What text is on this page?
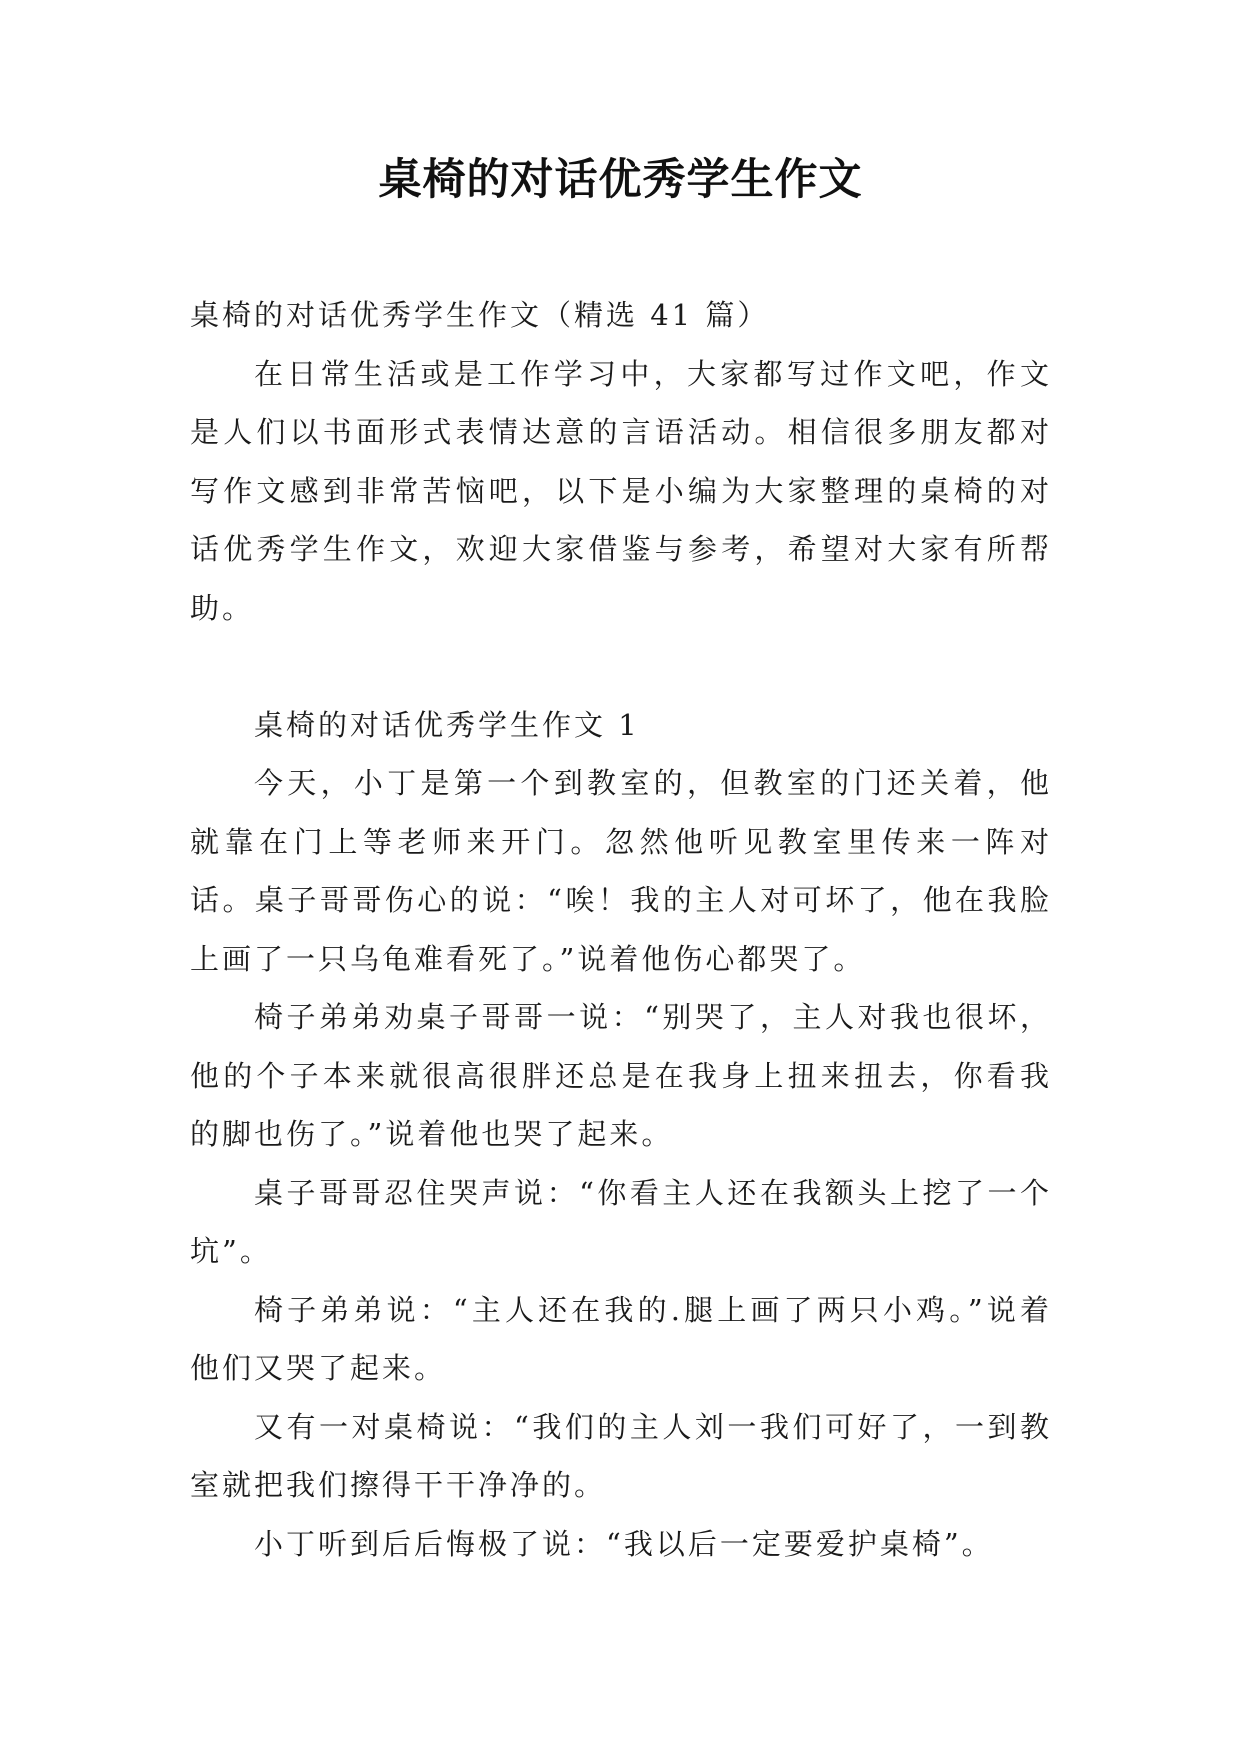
桌椅的对话优秀学生作文

桌椅的对话优秀学生作文（精选 41 篇）

在日常生活或是工作学习中，大家都写过作文吧，作文是人们以书面形式表情达意的言语活动。相信很多朋友都对写作文感到非常苦恼吧，以下是小编为大家整理的桌椅的对话优秀学生作文，欢迎大家借鉴与参考，希望对大家有所帮助。

桌椅的对话优秀学生作文 1

今天，小丁是第一个到教室的，但教室的门还关着，他就靠在门上等老师来开门。忽然他听见教室里传来一阵对话。桌子哥哥伤心的说：“唉！我的主人对可坏了，他在我脸上画了一只乌龟难看死了。”说着他伤心都哭了。

椅子弟弟劝桌子哥哥一说：“别哭了，主人对我也很坏，他的个子本来就很高很胖还总是在我身上扭来扭去，你看我的脚也伤了。”说着他也哭了起来。

桌子哥哥忍住哭声说：“你看主人还在我额头上挖了一个坑”。

椅子弟弟说：“主人还在我的.腿上画了两只小鸡。”说着他们又哭了起来。

又有一对桌椅说：“我们的主人刘一我们可好了，一到教室就把我们擦得干干净净的。

小丁听到后后悔极了说：“我以后一定要爱护桌椅”。
